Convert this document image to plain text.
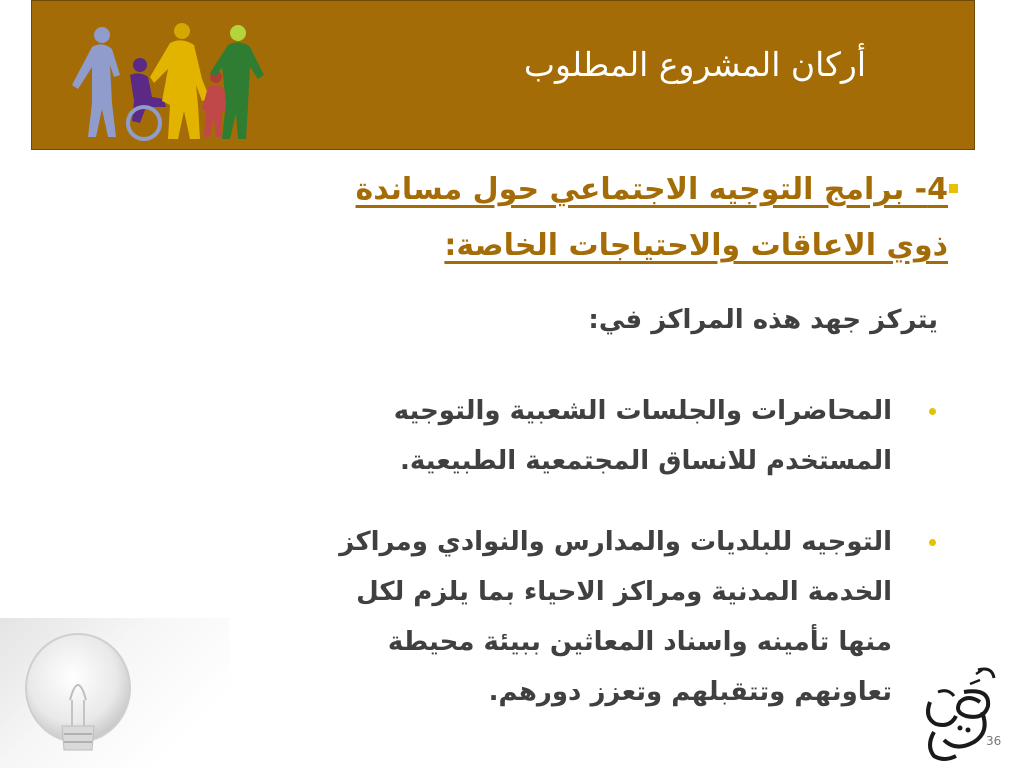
أركان المشروع المطلوب
4- برامج التوجيه الاجتماعي حول مساندة ذوي الاعاقات والاحتياجات الخاصة:
يتركز جهد هذه المراكز في:
المحاضرات والجلسات الشعبية والتوجيه المستخدم للانساق المجتمعية الطبيعية.
التوجيه للبلديات والمدارس والنوادي ومراكز الخدمة المدنية ومراكز الاحياء بما يلزم لكل منها تأمينه واسناد المعاثين ببيئة محيطة تعاونهم وتتقبلهم وتعزز دورهم.
36
